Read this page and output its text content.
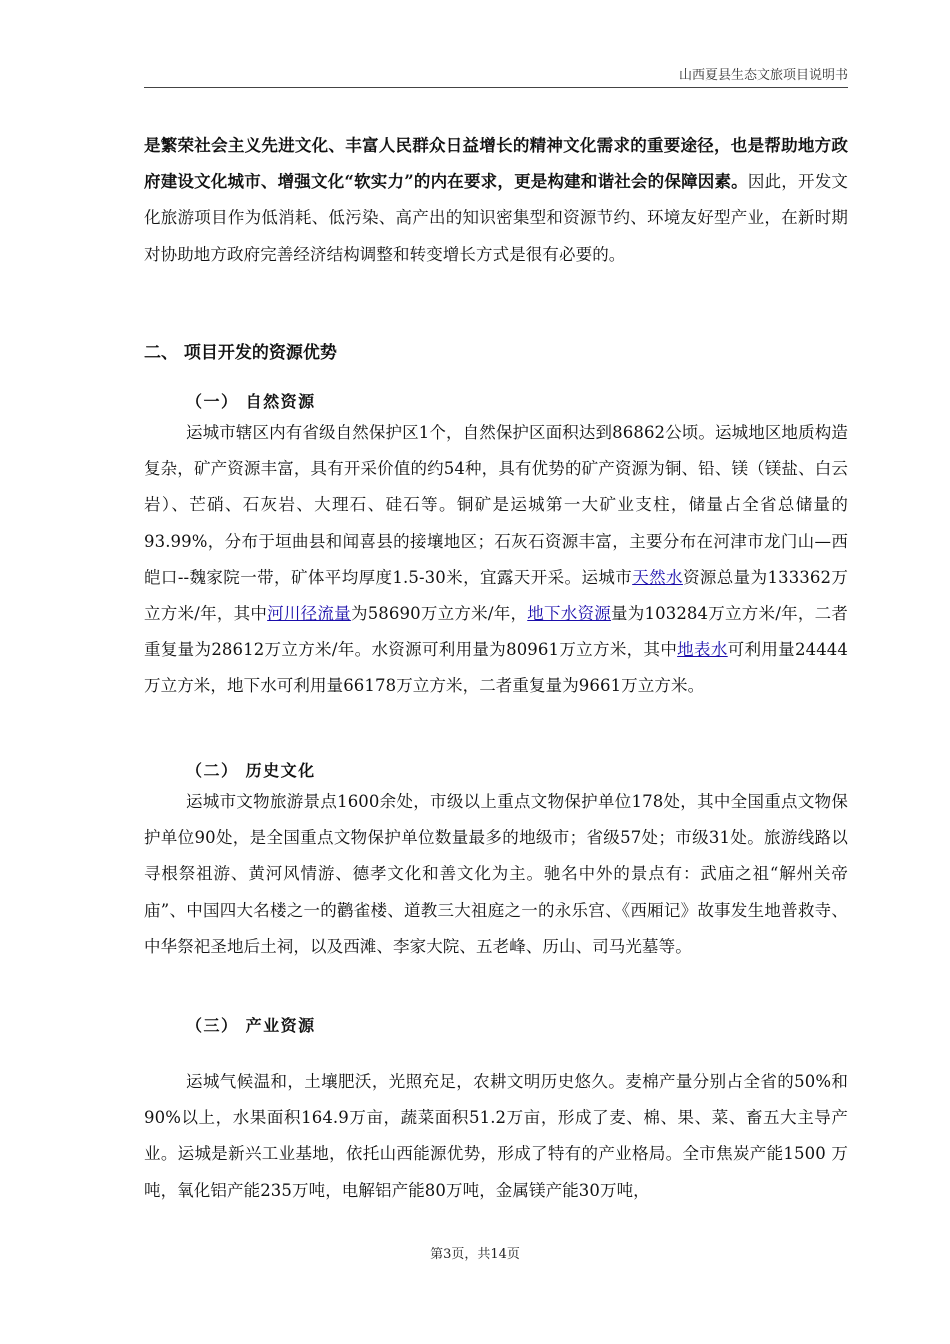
山西夏县生态文旅项目说明书

是繁荣社会主义先进文化、丰富人民群众日益增长的精神文化需求的重要途径，也是帮助地方政府建设文化城市、增强文化“软实力”的内在要求，更是构建和谐社会的保障因素。因此，开发文化旅游项目作为低消耗、低污染、高产出的知识密集型和资源节约、环境友好型产业，在新时期对协助地方政府完善经济结构调整和转变增长方式是很有必要的。

二、 项目开发的资源优势
（一） 自然资源

运城市辖区内有省级自然保护区1个，自然保护区面积达到86862公顷。运城地区地质构造复杂，矿产资源丰富，具有开采价值的约54种，具有优势的矿产资源为铜、铅、镁（镁盐、白云岩）、芒硝、石灰岩、大理石、硅石等。铜矿是运城第一大矿业支柱，储量占全省总储量的93.99%，分布于垣曲县和闻喜县的接壤地区；石灰石资源丰富，主要分布在河津市龙门山—西皑口--魏家院一带，矿体平均厚度1.5-30米，宜露天开采。运城市天然水资源总量为133362万立方米/年，其中河川径流量为58690万立方米/年，地下水资源量为103284万立方米/年，二者重复量为28612万立方米/年。水资源可利用量为80961万立方米，其中地表水可利用量24444万立方米，地下水可利用量66178万立方米，二者重复量为9661万立方米。

（二） 历史文化

运城市文物旅游景点1600余处，市级以上重点文物保护单位178处，其中全国重点文物保护单位90处，是全国重点文物保护单位数量最多的地级市；省级57处；市级31处。旅游线路以寻根祭祖游、黄河风情游、德孝文化和善文化为主。驰名中外的景点有：武庙之祖“解州关帝庙”、中国四大名楼之一的鹳雀楼、道教三大祖庭之一的永乐宫、《西厢记》故事发生地普救寺、中华祭祀圣地后土祠，以及西滩、李家大院、五老峰、历山、司马光墓等。

（三） 产业资源

运城气候温和，土壤肥沃，光照充足，农耕文明历史悠久。麦棉产量分别占全省的50%和90%以上，水果面积164.9万亩，蔬菜面积51.2万亩，形成了麦、棉、果、菜、畜五大主导产业。运城是新兴工业基地，依托山西能源优势，形成了特有的产业格局。全市焦炭产能1500 万吨，氧化铝产能235万吨，电解铝产能80万吨，金属镁产能30万吨，

第3页，共14页
